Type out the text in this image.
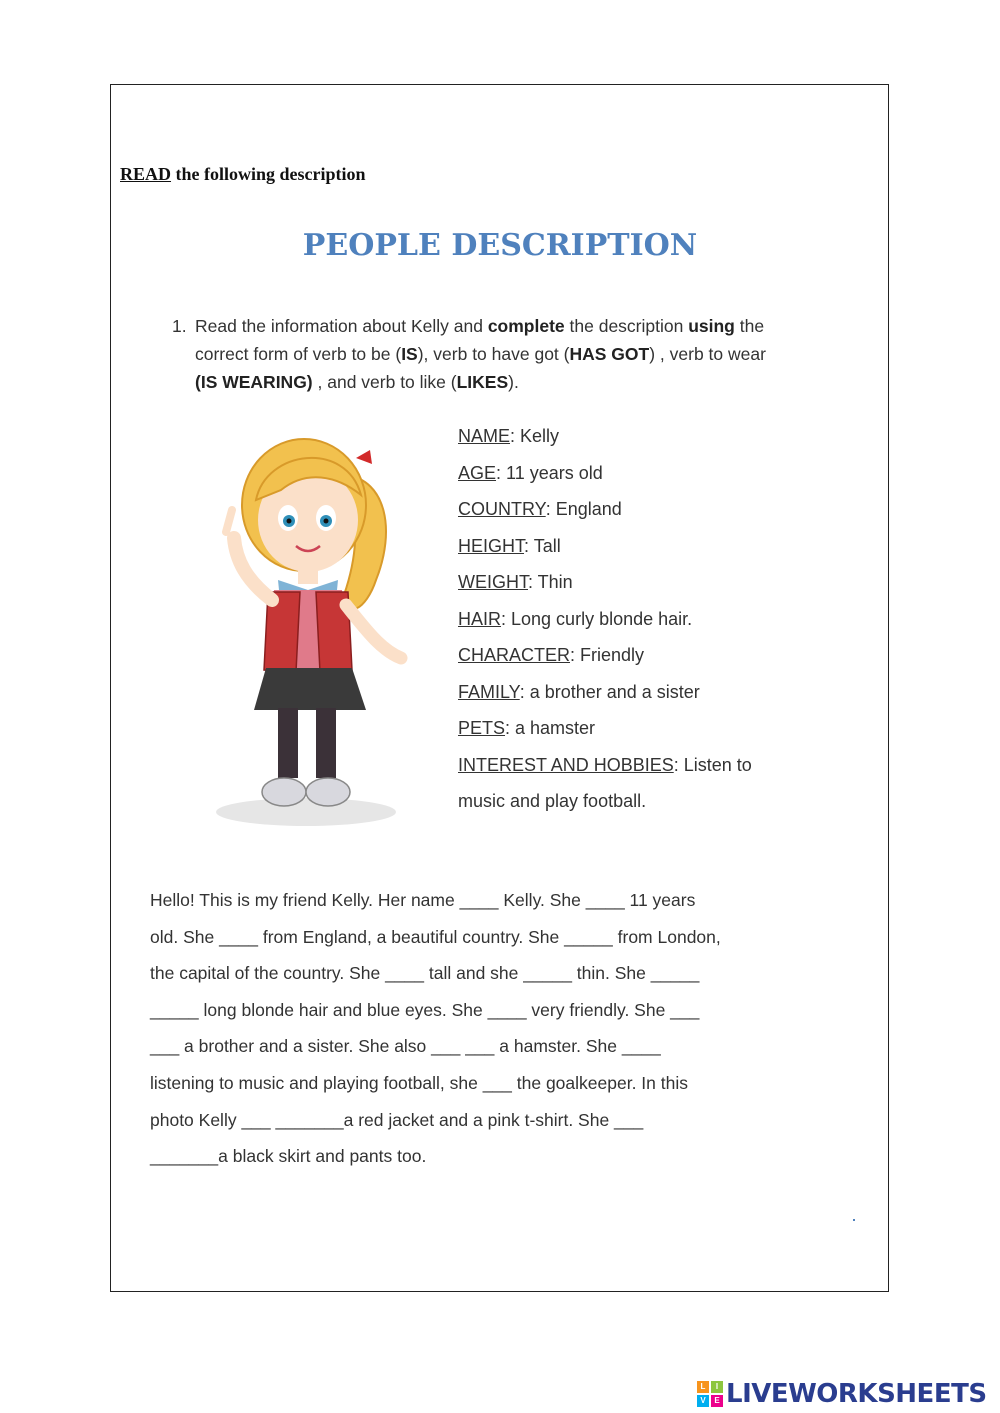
READ the following description
PEOPLE DESCRIPTION
1. Read the information about Kelly and complete the description using the correct form of verb to be (IS), verb to have got (HAS GOT) , verb to wear (IS WEARING) , and verb to like (LIKES).
NAME: Kelly
AGE: 11 years old
COUNTRY: England
HEIGHT: Tall
WEIGHT: Thin
HAIR: Long curly blonde hair.
CHARACTER: Friendly
FAMILY: a brother and a sister
PETS: a hamster
INTEREST AND HOBBIES: Listen to
music and play football.
Hello! This is my friend Kelly. Her name ____ Kelly. She ____ 11 years
old. She ____ from England, a beautiful country. She _____ from London,
the capital of the country. She ____ tall and she _____ thin. She _____
_____ long blonde hair and blue eyes. She ____ very friendly. She ___
___ a brother and a sister. She also ___ ___ a hamster. She ____
listening to music and playing football, she ___ the goalkeeper. In this
photo Kelly ___ _______a red jacket and a pink t-shirt. She ___
_______a black skirt and pants too.
L	I
V	E LIVEWORKSHEETS
